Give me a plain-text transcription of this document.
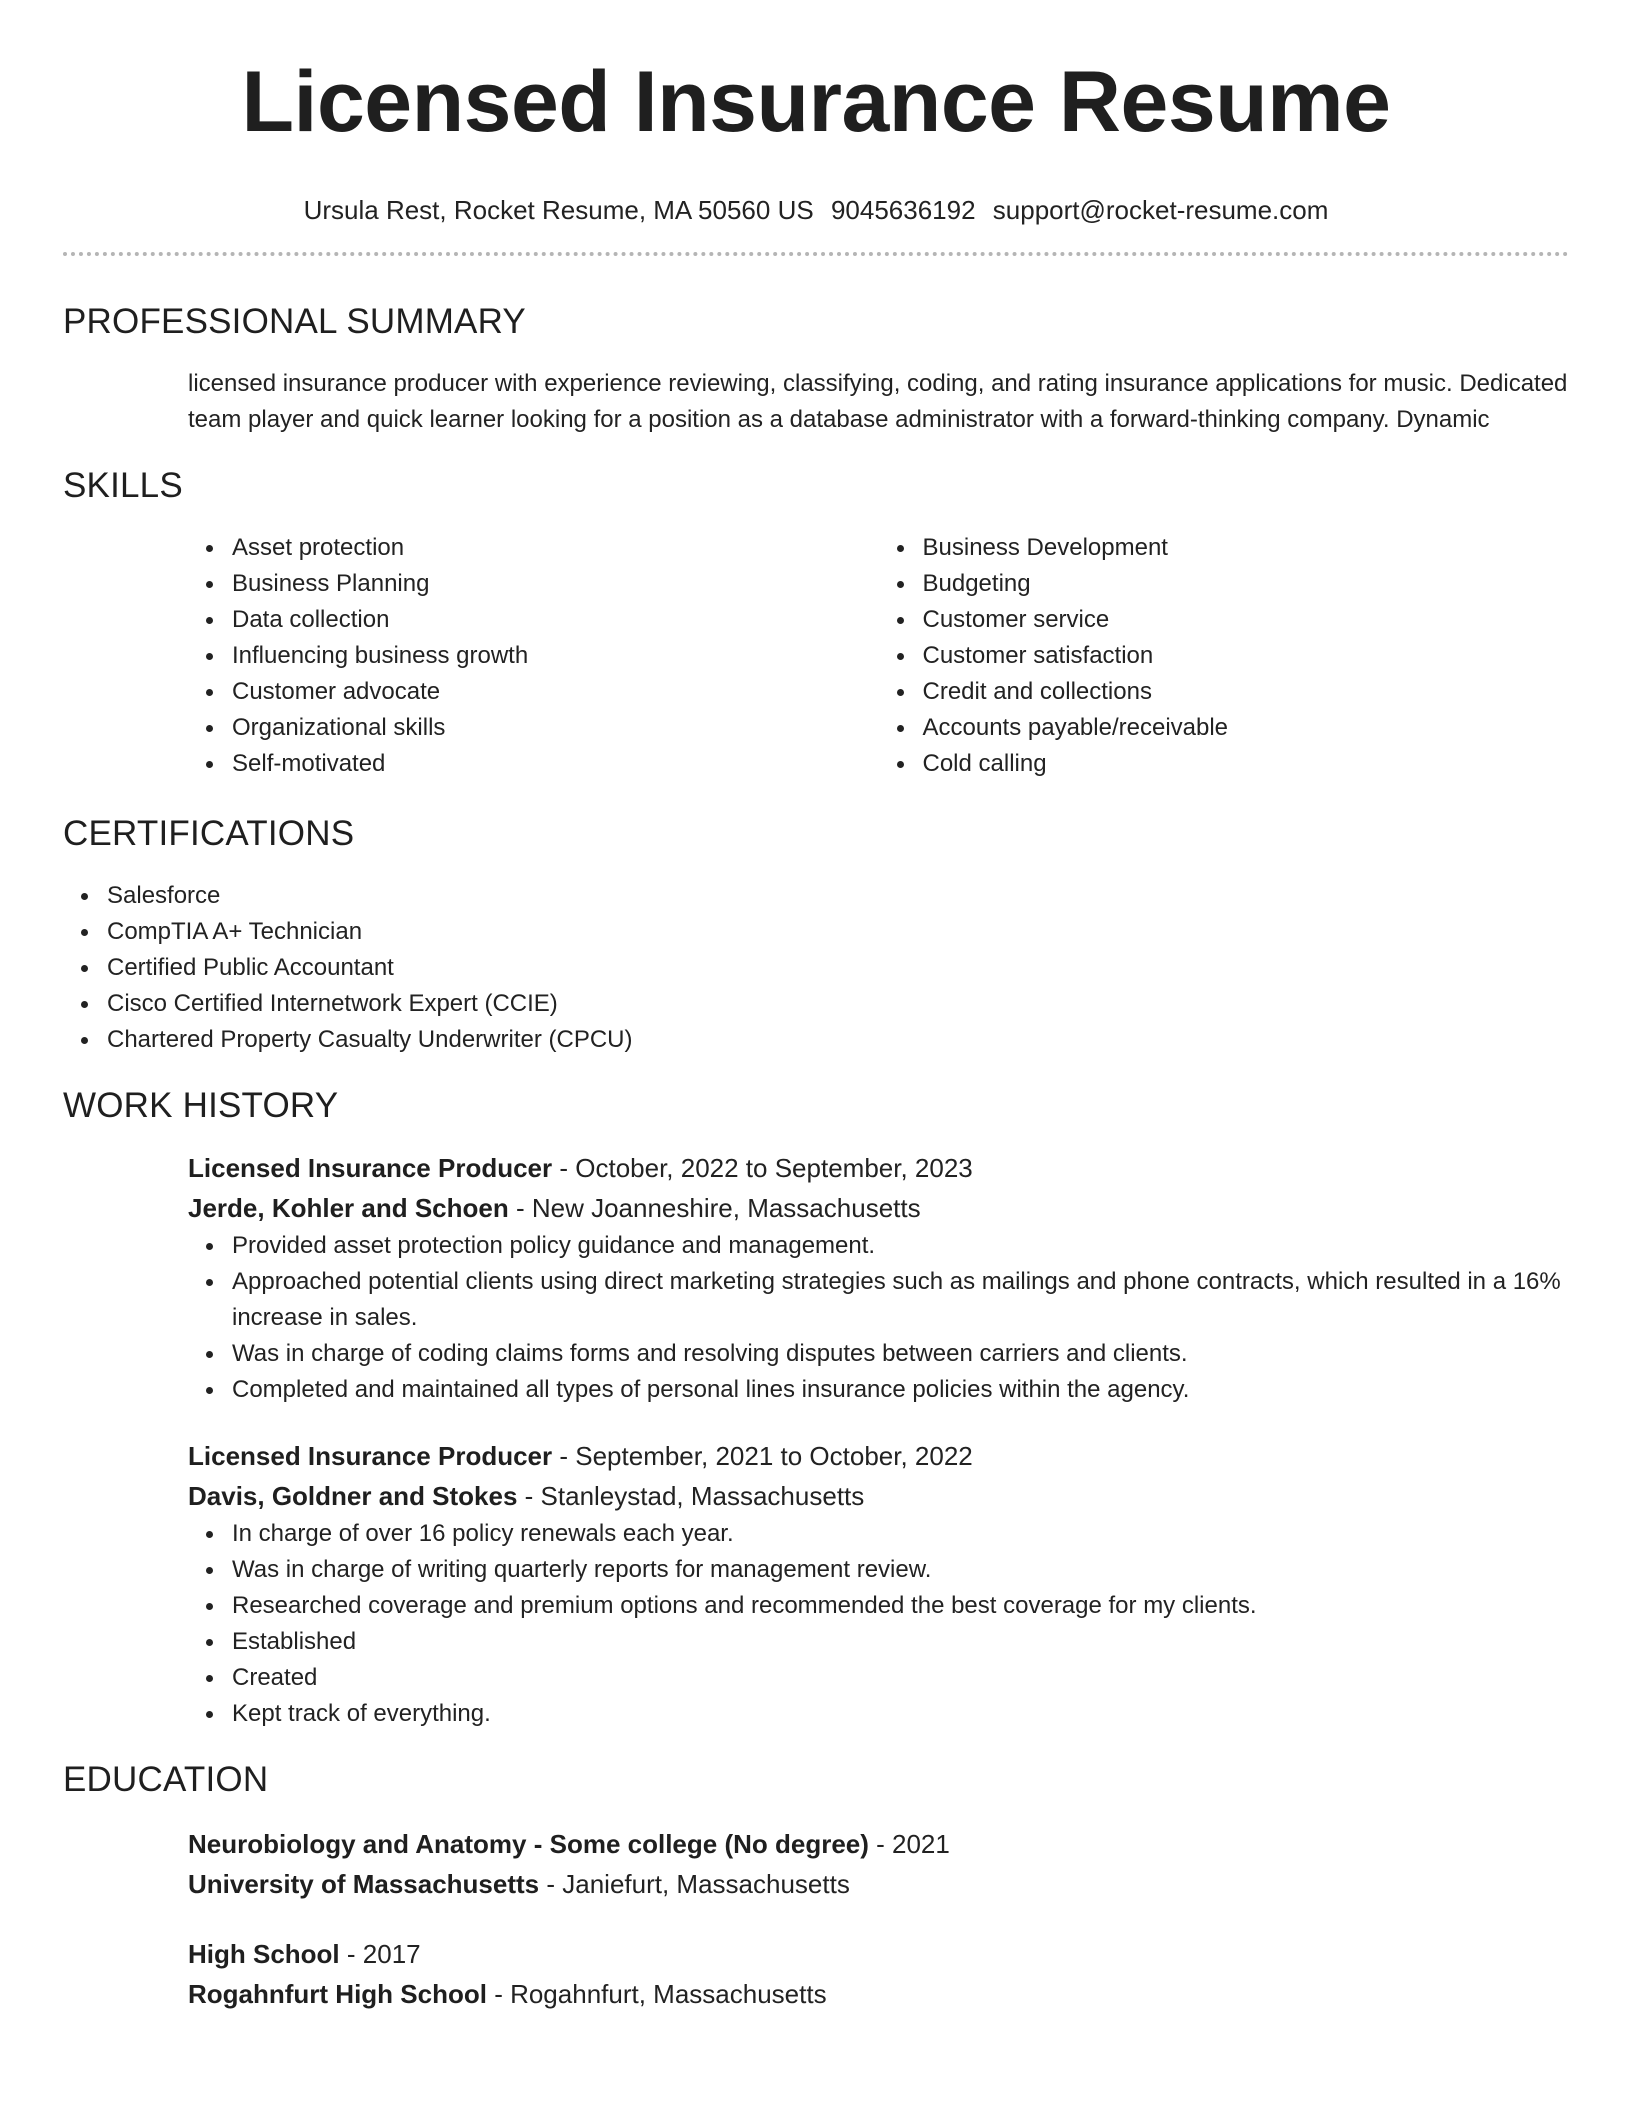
Licensed Insurance Resume
Ursula Rest, Rocket Resume, MA 50560 US 9045636192 support@rocket-resume.com
PROFESSIONAL SUMMARY
licensed insurance producer with experience reviewing, classifying, coding, and rating insurance applications for music. Dedicated team player and quick learner looking for a position as a database administrator with a forward-thinking company. Dynamic
SKILLS
Asset protection
Business Planning
Data collection
Influencing business growth
Customer advocate
Organizational skills
Self-motivated
Business Development
Budgeting
Customer service
Customer satisfaction
Credit and collections
Accounts payable/receivable
Cold calling
CERTIFICATIONS
Salesforce
CompTIA A+ Technician
Certified Public Accountant
Cisco Certified Internetwork Expert (CCIE)
Chartered Property Casualty Underwriter (CPCU)
WORK HISTORY
Licensed Insurance Producer - October, 2022 to September, 2023
Jerde, Kohler and Schoen - New Joanneshire, Massachusetts
Provided asset protection policy guidance and management.
Approached potential clients using direct marketing strategies such as mailings and phone contracts, which resulted in a 16% increase in sales.
Was in charge of coding claims forms and resolving disputes between carriers and clients.
Completed and maintained all types of personal lines insurance policies within the agency.
Licensed Insurance Producer - September, 2021 to October, 2022
Davis, Goldner and Stokes - Stanleystad, Massachusetts
In charge of over 16 policy renewals each year.
Was in charge of writing quarterly reports for management review.
Researched coverage and premium options and recommended the best coverage for my clients.
Established
Created
Kept track of everything.
EDUCATION
Neurobiology and Anatomy - Some college (No degree) - 2021
University of Massachusetts - Janiefurt, Massachusetts
High School - 2017
Rogahnfurt High School - Rogahnfurt, Massachusetts
